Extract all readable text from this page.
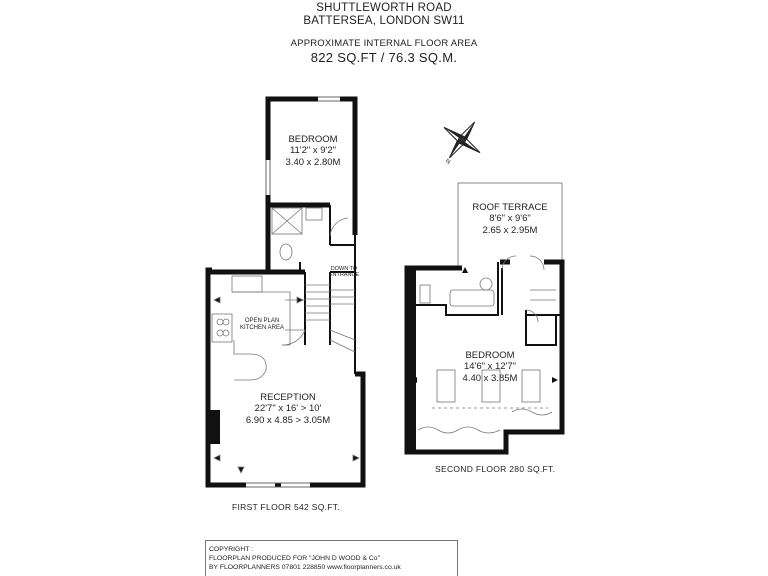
SHUTTLEWORTH ROAD
BATTERSEA, LONDON SW11
APPROXIMATE INTERNAL FLOOR AREA
822 SQ.FT / 76.3 SQ.M.
N
BEDROOM
11'2" x 9'2"
3.40 x 2.80M
DOWN TO
ENTRANCE
OPEN PLAN
KITCHEN AREA
RECEPTION
22'7" x 16' > 10'
6.90 x 4.85 > 3.05M
ROOF TERRACE
8'6" x 9'6"
2.65 x 2.95M
BEDROOM
14'6" x 12'7"
4.40 x 3.85M
FIRST FLOOR 542 SQ.FT.
SECOND FLOOR 280 SQ.FT.
COPYRIGHT :
FLOORPLAN PRODUCED FOR "JOHN D WOOD & Co"
BY FLOORPLANNERS 07801 228850 www.floorplanners.co.uk
